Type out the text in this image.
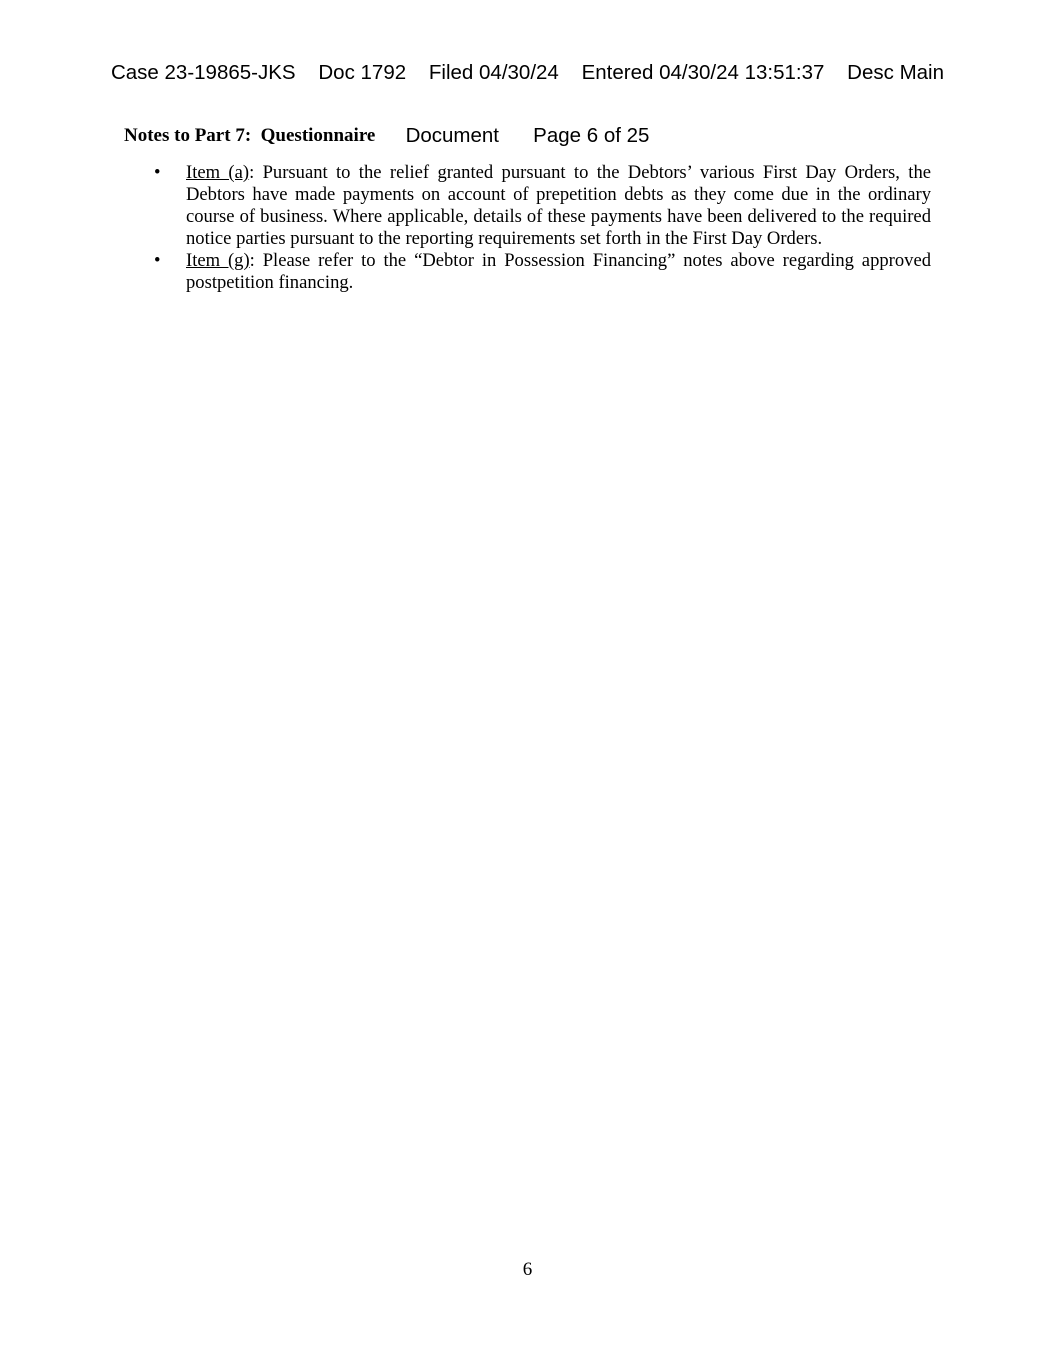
Case 23-19865-JKS    Doc 1792    Filed 04/30/24    Entered 04/30/24 13:51:37    Desc Main

Document      Page 6 of 25

Notes to Part 7:  Questionnaire
• Item (a): Pursuant to the relief granted pursuant to the Debtors’ various First Day Orders, the Debtors have made payments on account of prepetition debts as they come due in the ordinary course of business. Where applicable, details of these payments have been delivered to the required notice parties pursuant to the reporting requirements set forth in the First Day Orders.
• Item (g): Please refer to the “Debtor in Possession Financing” notes above regarding approved postpetition financing.
6
